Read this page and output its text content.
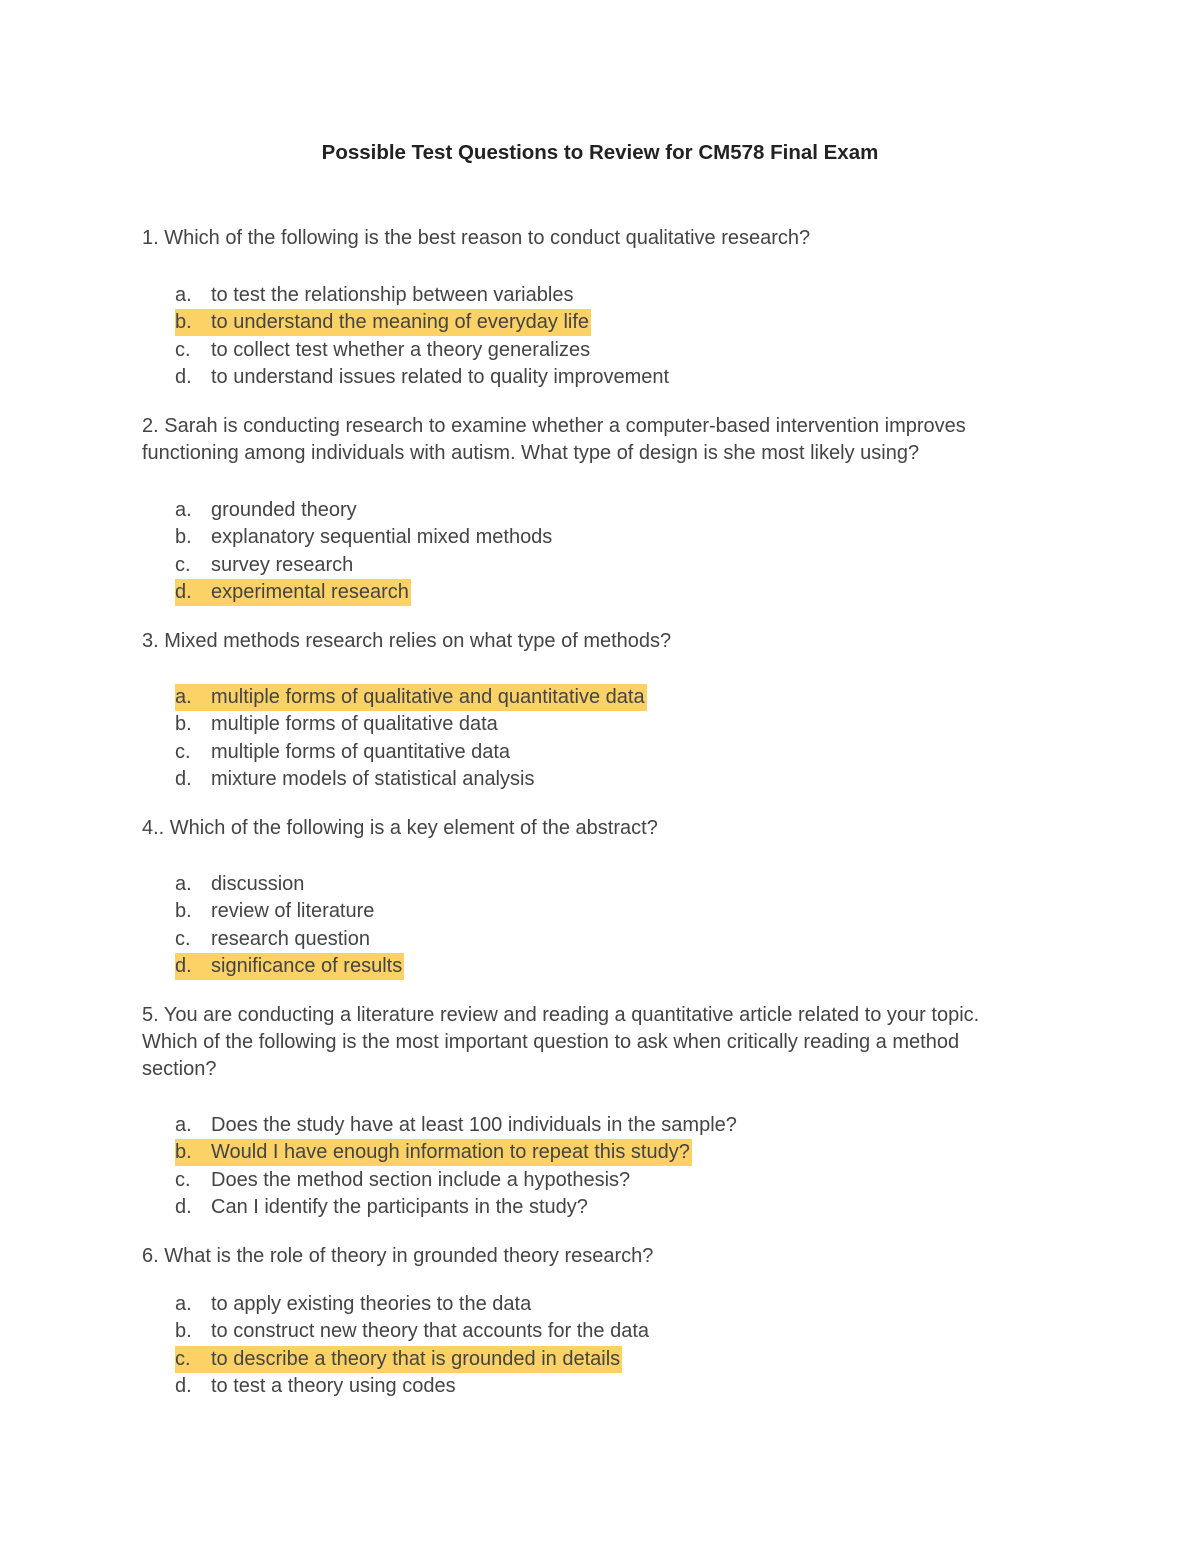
Possible Test Questions to Review for CM578 Final Exam
1. Which of the following is the best reason to conduct qualitative research?
a. to test the relationship between variables
b. to understand the meaning of everyday life
c. to collect test whether a theory generalizes
d. to understand issues related to quality improvement
2. Sarah is conducting research to examine whether a computer-based intervention improves functioning among individuals with autism. What type of design is she most likely using?
a. grounded theory
b. explanatory sequential mixed methods
c. survey research
d. experimental research
3. Mixed methods research relies on what type of methods?
a. multiple forms of qualitative and quantitative data
b. multiple forms of qualitative data
c. multiple forms of quantitative data
d. mixture models of statistical analysis
4.. Which of the following is a key element of the abstract?
a. discussion
b. review of literature
c. research question
d. significance of results
5. You are conducting a literature review and reading a quantitative article related to your topic. Which of the following is the most important question to ask when critically reading a method section?
a. Does the study have at least 100 individuals in the sample?
b. Would I have enough information to repeat this study?
c. Does the method section include a hypothesis?
d. Can I identify the participants in the study?
6. What is the role of theory in grounded theory research?
a. to apply existing theories to the data
b. to construct new theory that accounts for the data
c. to describe a theory that is grounded in details
d. to test a theory using codes
